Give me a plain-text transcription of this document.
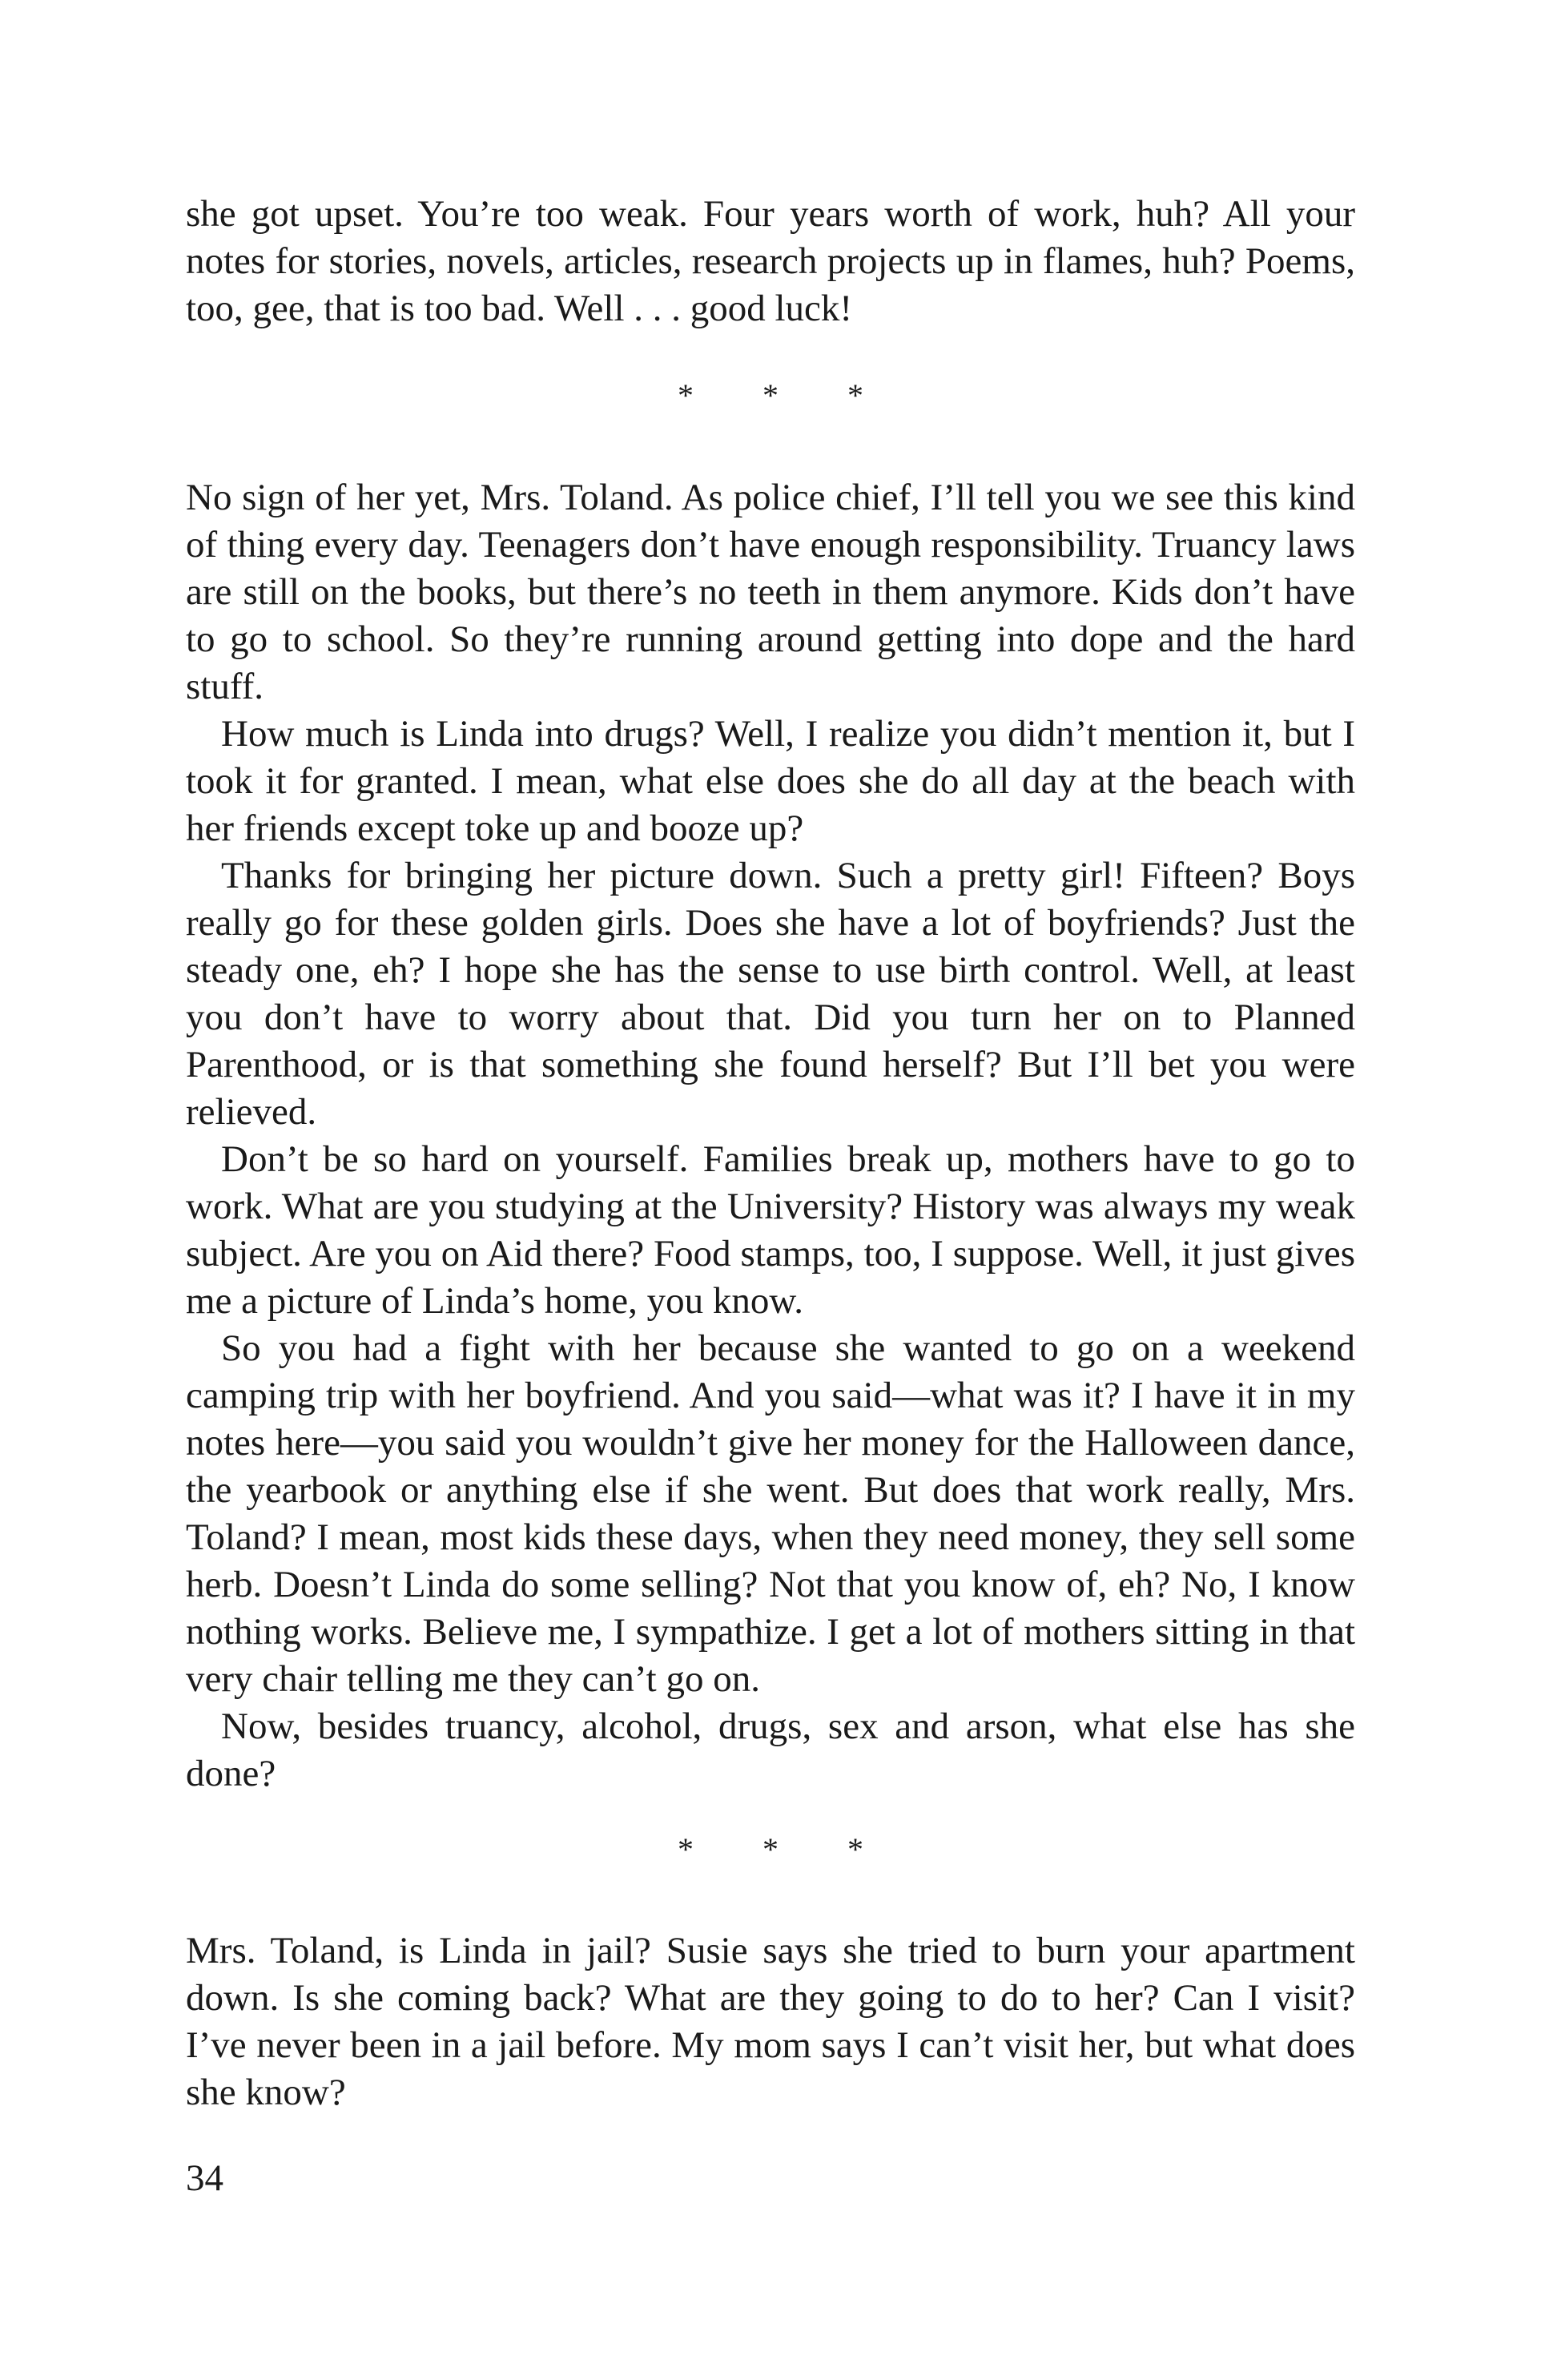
she got upset. You’re too weak. Four years worth of work, huh? All your notes for stories, novels, articles, research projects up in flames, huh? Poems, too, gee, that is too bad. Well . . . good luck!

* * *

No sign of her yet, Mrs. Toland. As police chief, I’ll tell you we see this kind of thing every day. Teenagers don’t have enough responsibility. Truancy laws are still on the books, but there’s no teeth in them anymore. Kids don’t have to go to school. So they’re running around getting into dope and the hard stuff.

How much is Linda into drugs? Well, I realize you didn’t mention it, but I took it for granted. I mean, what else does she do all day at the beach with her friends except toke up and booze up?

Thanks for bringing her picture down. Such a pretty girl! Fifteen? Boys really go for these golden girls. Does she have a lot of boyfriends? Just the steady one, eh? I hope she has the sense to use birth control. Well, at least you don’t have to worry about that. Did you turn her on to Planned Parenthood, or is that something she found herself? But I’ll bet you were relieved.

Don’t be so hard on yourself. Families break up, mothers have to go to work. What are you studying at the University? History was always my weak subject. Are you on Aid there? Food stamps, too, I suppose. Well, it just gives me a picture of Linda’s home, you know.

So you had a fight with her because she wanted to go on a weekend camping trip with her boyfriend. And you said—what was it? I have it in my notes here—you said you wouldn’t give her money for the Halloween dance, the yearbook or anything else if she went. But does that work really, Mrs. Toland? I mean, most kids these days, when they need money, they sell some herb. Doesn’t Linda do some selling? Not that you know of, eh? No, I know nothing works. Believe me, I sympathize. I get a lot of mothers sitting in that very chair telling me they can’t go on.

Now, besides truancy, alcohol, drugs, sex and arson, what else has she done?

* * *

Mrs. Toland, is Linda in jail? Susie says she tried to burn your apartment down. Is she coming back? What are they going to do to her? Can I visit? I’ve never been in a jail before. My mom says I can’t visit her, but what does she know?

34
